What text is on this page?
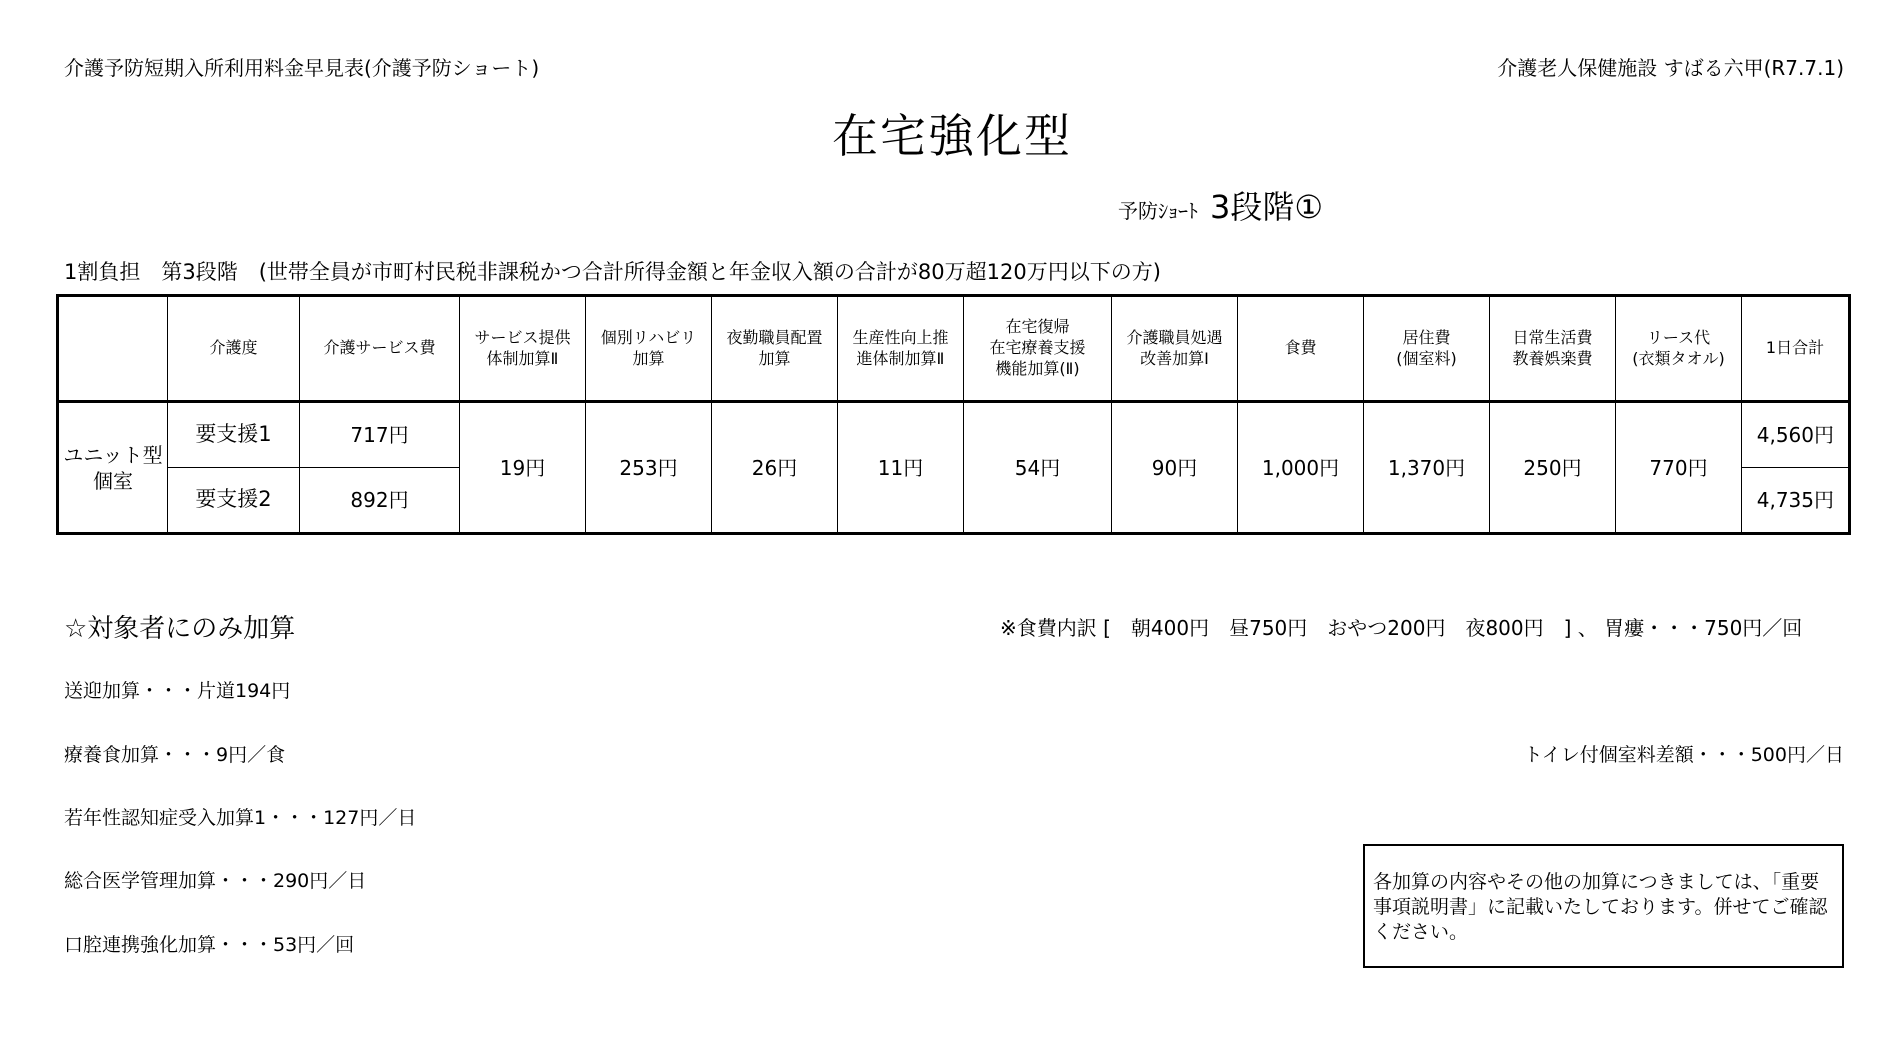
介護予防短期入所利用料金早見表(介護予防ショート)	介護老人保健施設 すばる六甲(R7.7.1)
在宅強化型
予防ｼｮｰﾄ 3段階①
1割負担　第3段階　(世帯全員が市町村民税非課税かつ合計所得金額と年金収入額の合計が80万超120万円以下の方)
	介護度	介護サービス費	サービス提供
体制加算Ⅱ	個別リハビリ
加算	夜勤職員配置
加算	生産性向上推
進体制加算Ⅱ	在宅復帰
在宅療養支援
機能加算(Ⅱ)	介護職員処遇
改善加算Ⅰ	食費	居住費
(個室料)	日常生活費
教養娯楽費	リース代
(衣類タオル)	1日合計

ユニット型
個室	要支援1	717円	19円	253円	26円	11円	54円	90円	1,000円	1,370円	250円	770円	4,560円
	要支援2	892円											4,735円
☆対象者にのみ加算	※食費内訳 [　朝400円　昼750円　おやつ200円　夜800円　] 、 胃瘻・・・750円／回
送迎加算・・・片道194円
療養食加算・・・9円／食
若年性認知症受入加算1・・・127円／日
総合医学管理加算・・・290円／日
口腔連携強化加算・・・53円／回
トイレ付個室料差額・・・500円／日
各加算の内容やその他の加算につきましては、「重要事項説明書」に記載いたしております。併せてご確認ください。
